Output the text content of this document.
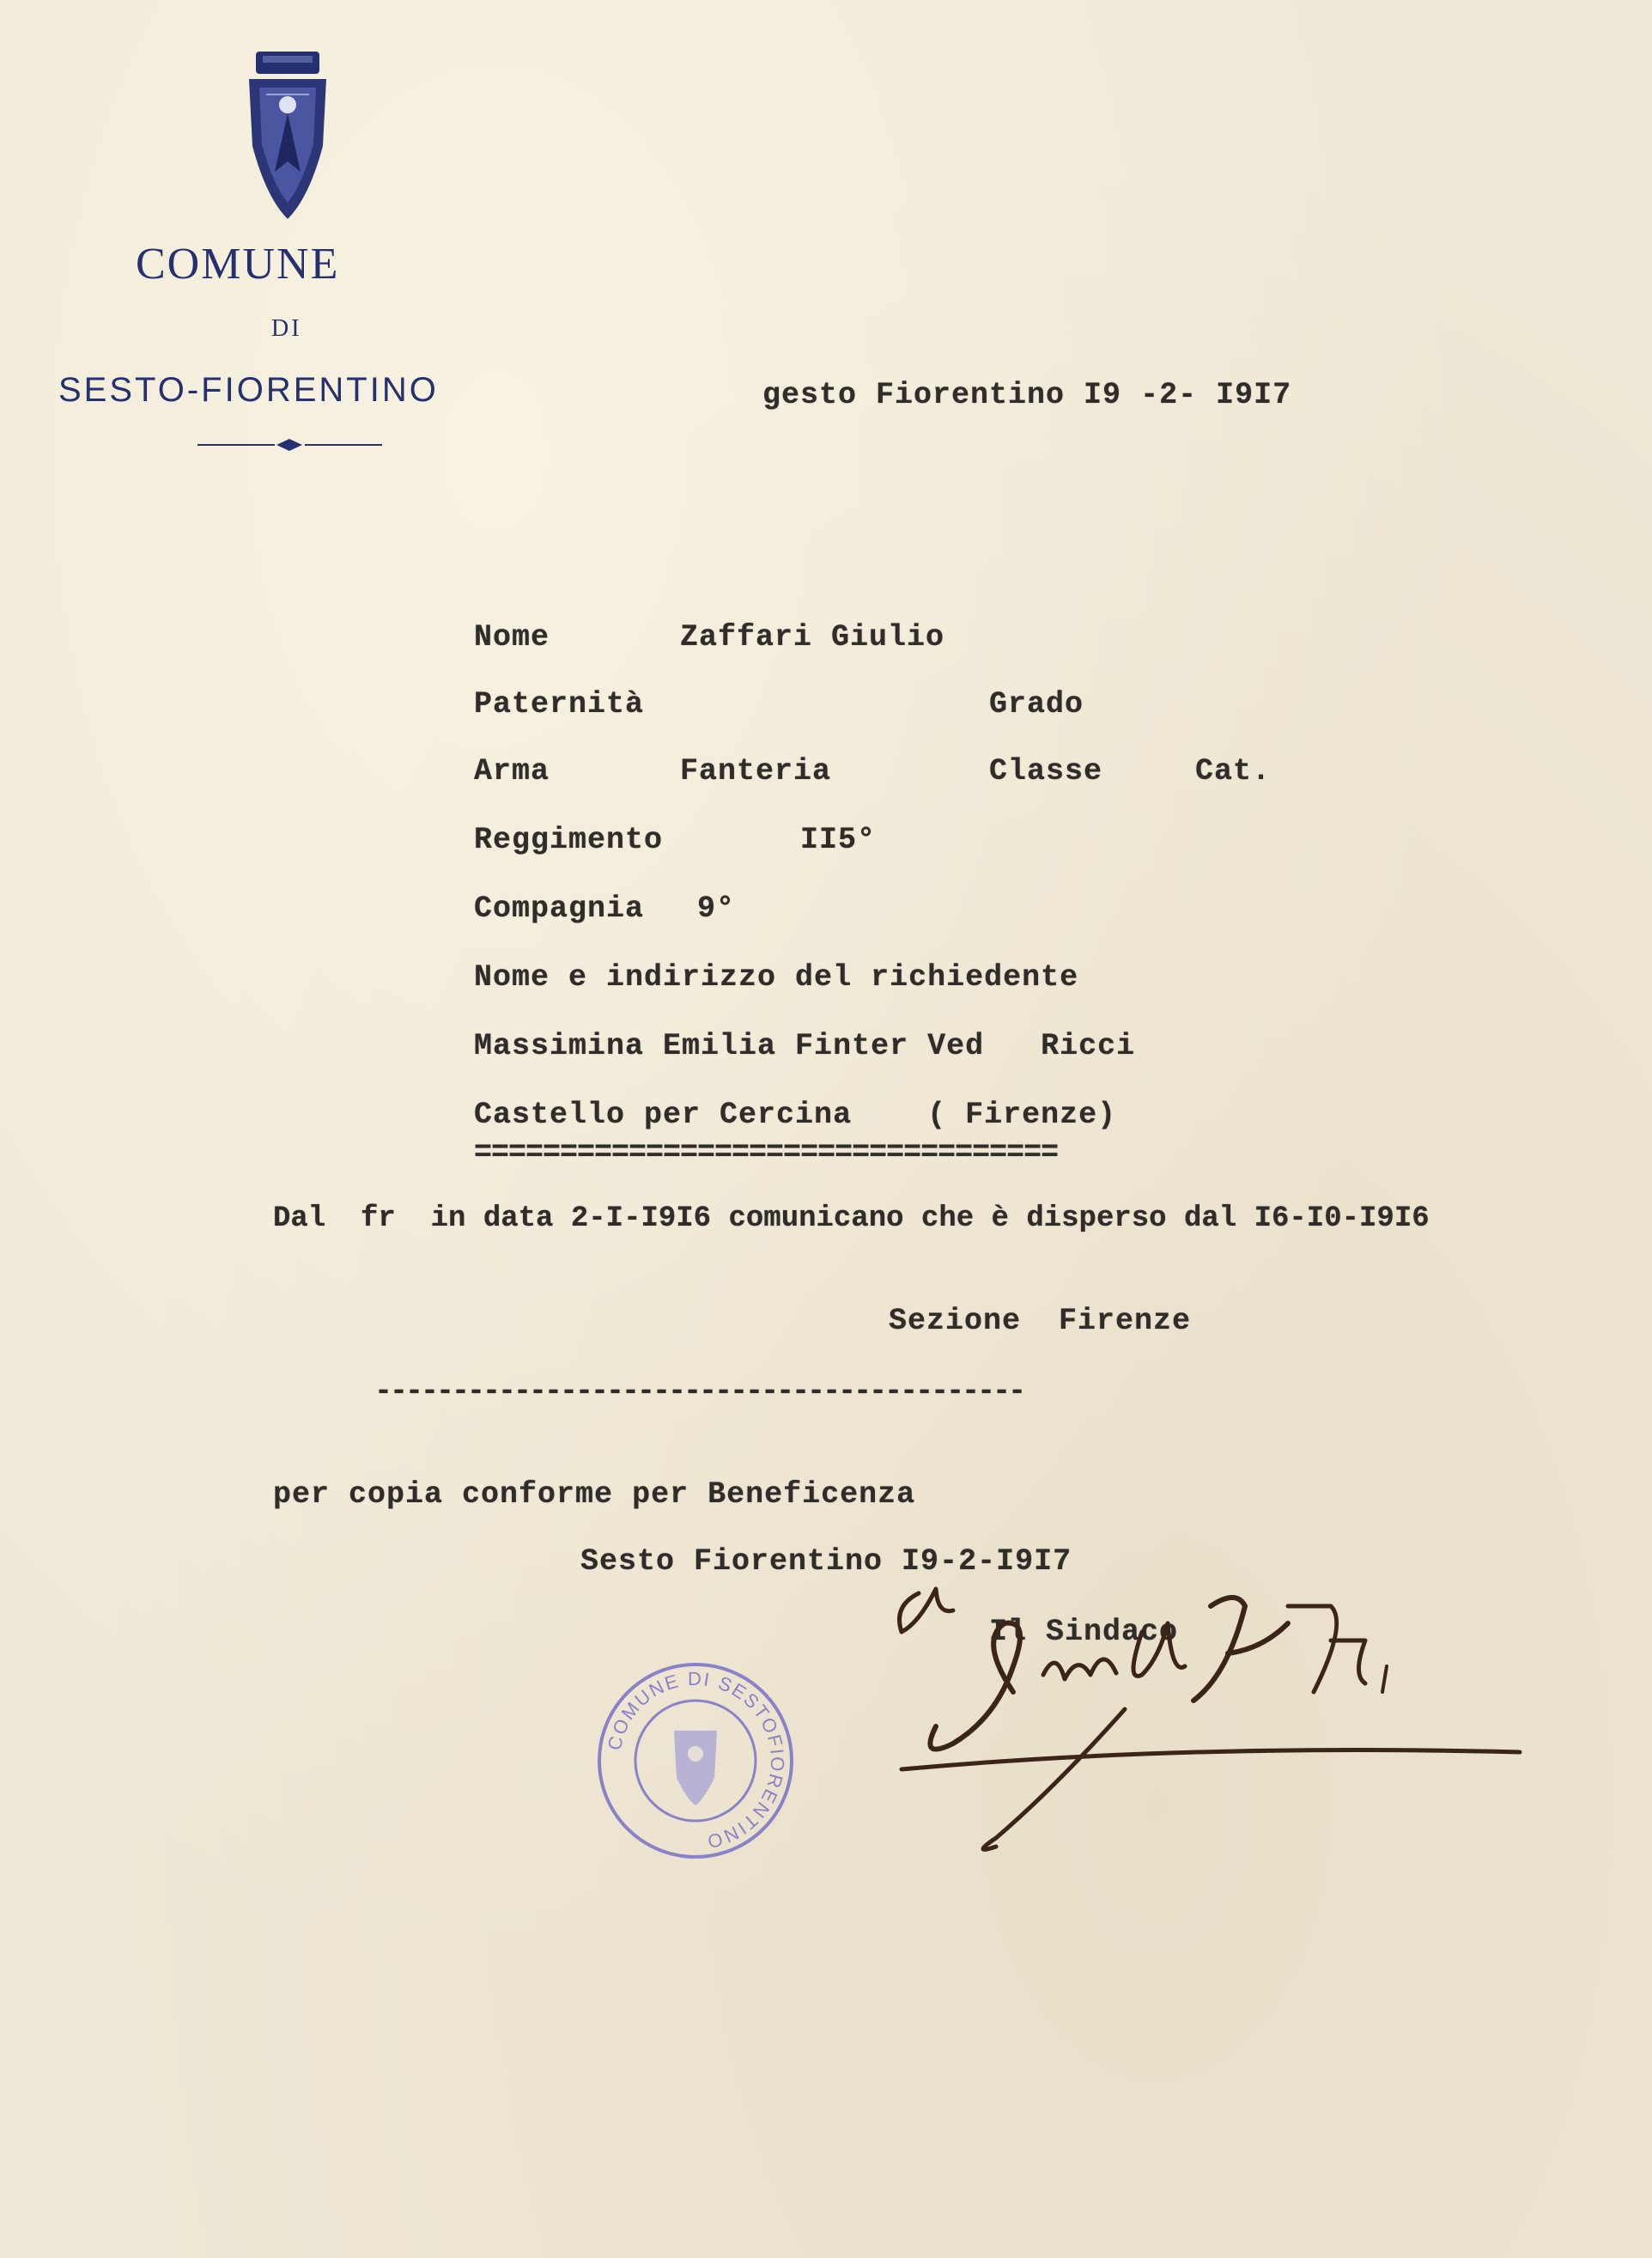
COMUNE
DI
SESTO-FIORENTINO	gesto Fiorentino I9 -2- I9I7
Nome	Zaffari Giulio
Paternità	Grado
Arma	Fanteria	Classe	Cat.
Reggimento	II5°
Compagnia 9°
Nome e indirizzo del richiedente
Massimina Emilia Finter Ved   Ricci
Castello per Cercina    ( Firenze)
==================================
Dal  fr  in data 2-I-I9I6 comunicano che è disperso dal I6-I0-I9I6
Sezione  Firenze
------------------------------------------
per copia conforme per Beneficenza
Sesto Fiorentino I9-2-I9I7
Il Sindaco
COMUNE DI SESTOFIORENTINO
